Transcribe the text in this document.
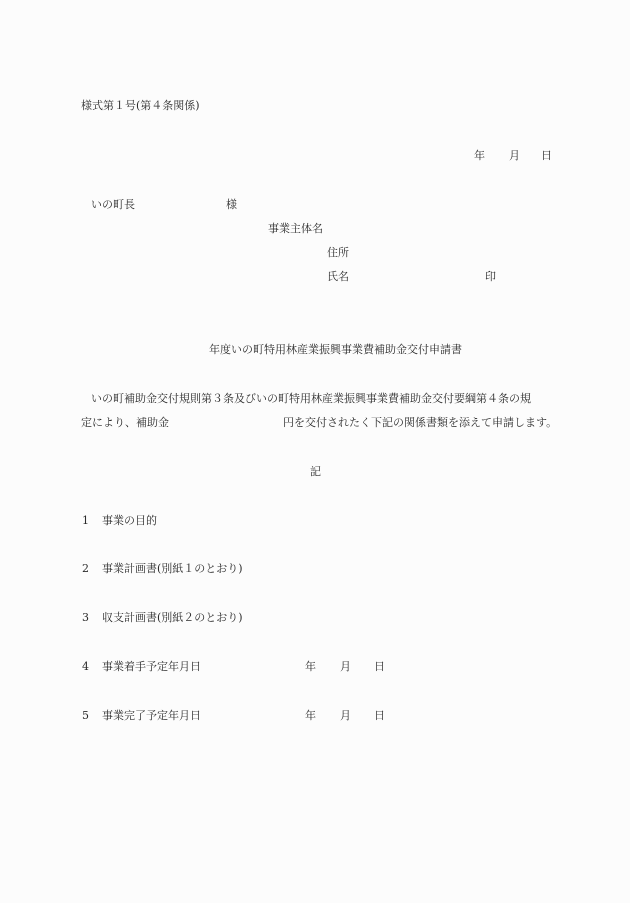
様式第１号(第４条関係)
年 月 日
いの町長	様
事業主体名
住所
氏名	印
年度いの町特用林産業振興事業費補助金交付申請書
いの町補助金交付規則第３条及びいの町特用林産業振興事業費補助金交付要綱第４条の規
定により、補助金	円を交付されたく下記の関係書類を添えて申請します。
記
1 事業の目的
2 事業計画書(別紙１のとおり)
3 収支計画書(別紙２のとおり)
4 事業着手予定年月日	年 月 日
5 事業完了予定年月日	年 月 日
